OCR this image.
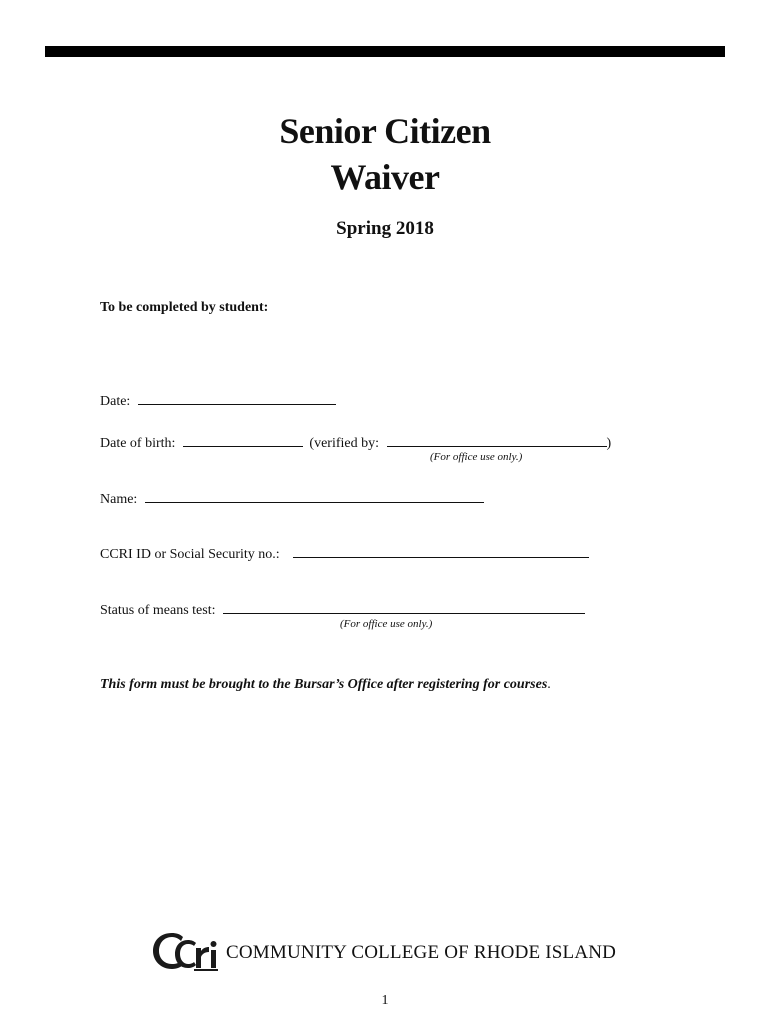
Senior Citizen
Waiver
Spring 2018
To be completed by student:
Date:
Date of birth:	(verified by:	)
(For office use only.)
Name:
CCRI ID or Social Security no.:
Status of means test:
(For office use only.)
This form must be brought to the Bursar’s Office after registering for courses.
COMMUNITY COLLEGE OF RHODE ISLAND
1
